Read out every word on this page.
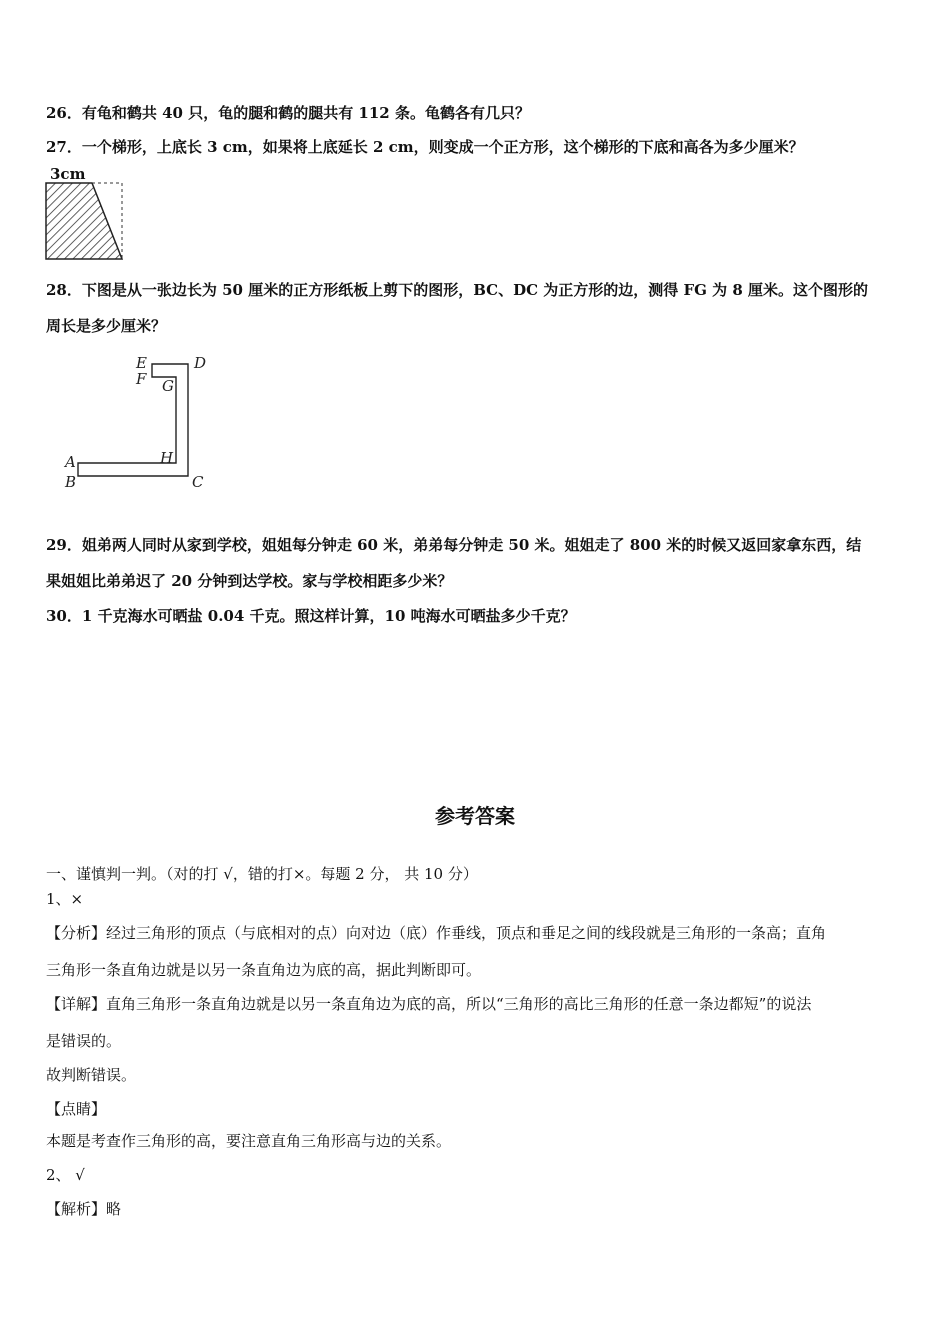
26．有龟和鹤共 40 只，龟的腿和鹤的腿共有 112 条。龟鹤各有几只？
27．一个梯形，上底长 3 cm，如果将上底延长 2 cm，则变成一个正方形，这个梯形的下底和高各为多少厘米？
3cm
28．下图是从一张边长为 50 厘米的正方形纸板上剪下的图形，BC、DC 为正方形的边，测得 FG 为 8 厘米。这个图形的
周长是多少厘米？
E
F G
D
A
B
H
C
29．姐弟两人同时从家到学校，姐姐每分钟走 60 米，弟弟每分钟走 50 米。姐姐走了 800 米的时候又返回家拿东西，结
果姐姐比弟弟迟了 20 分钟到达学校。家与学校相距多少米？
30．1 千克海水可晒盐 0.04 千克。照这样计算，10 吨海水可晒盐多少千克？
参考答案
一、谨慎判一判。（对的打 √，错的打×。每题 2 分， 共 10 分）
1、×
【分析】经过三角形的顶点（与底相对的点）向对边（底）作垂线，顶点和垂足之间的线段就是三角形的一条高；直角
三角形一条直角边就是以另一条直角边为底的高，据此判断即可。
【详解】直角三角形一条直角边就是以另一条直角边为底的高，所以“三角形的高比三角形的任意一条边都短”的说法
是错误的。
故判断错误。
【点睛】
本题是考查作三角形的高，要注意直角三角形高与边的关系。
2、 √
【解析】略
